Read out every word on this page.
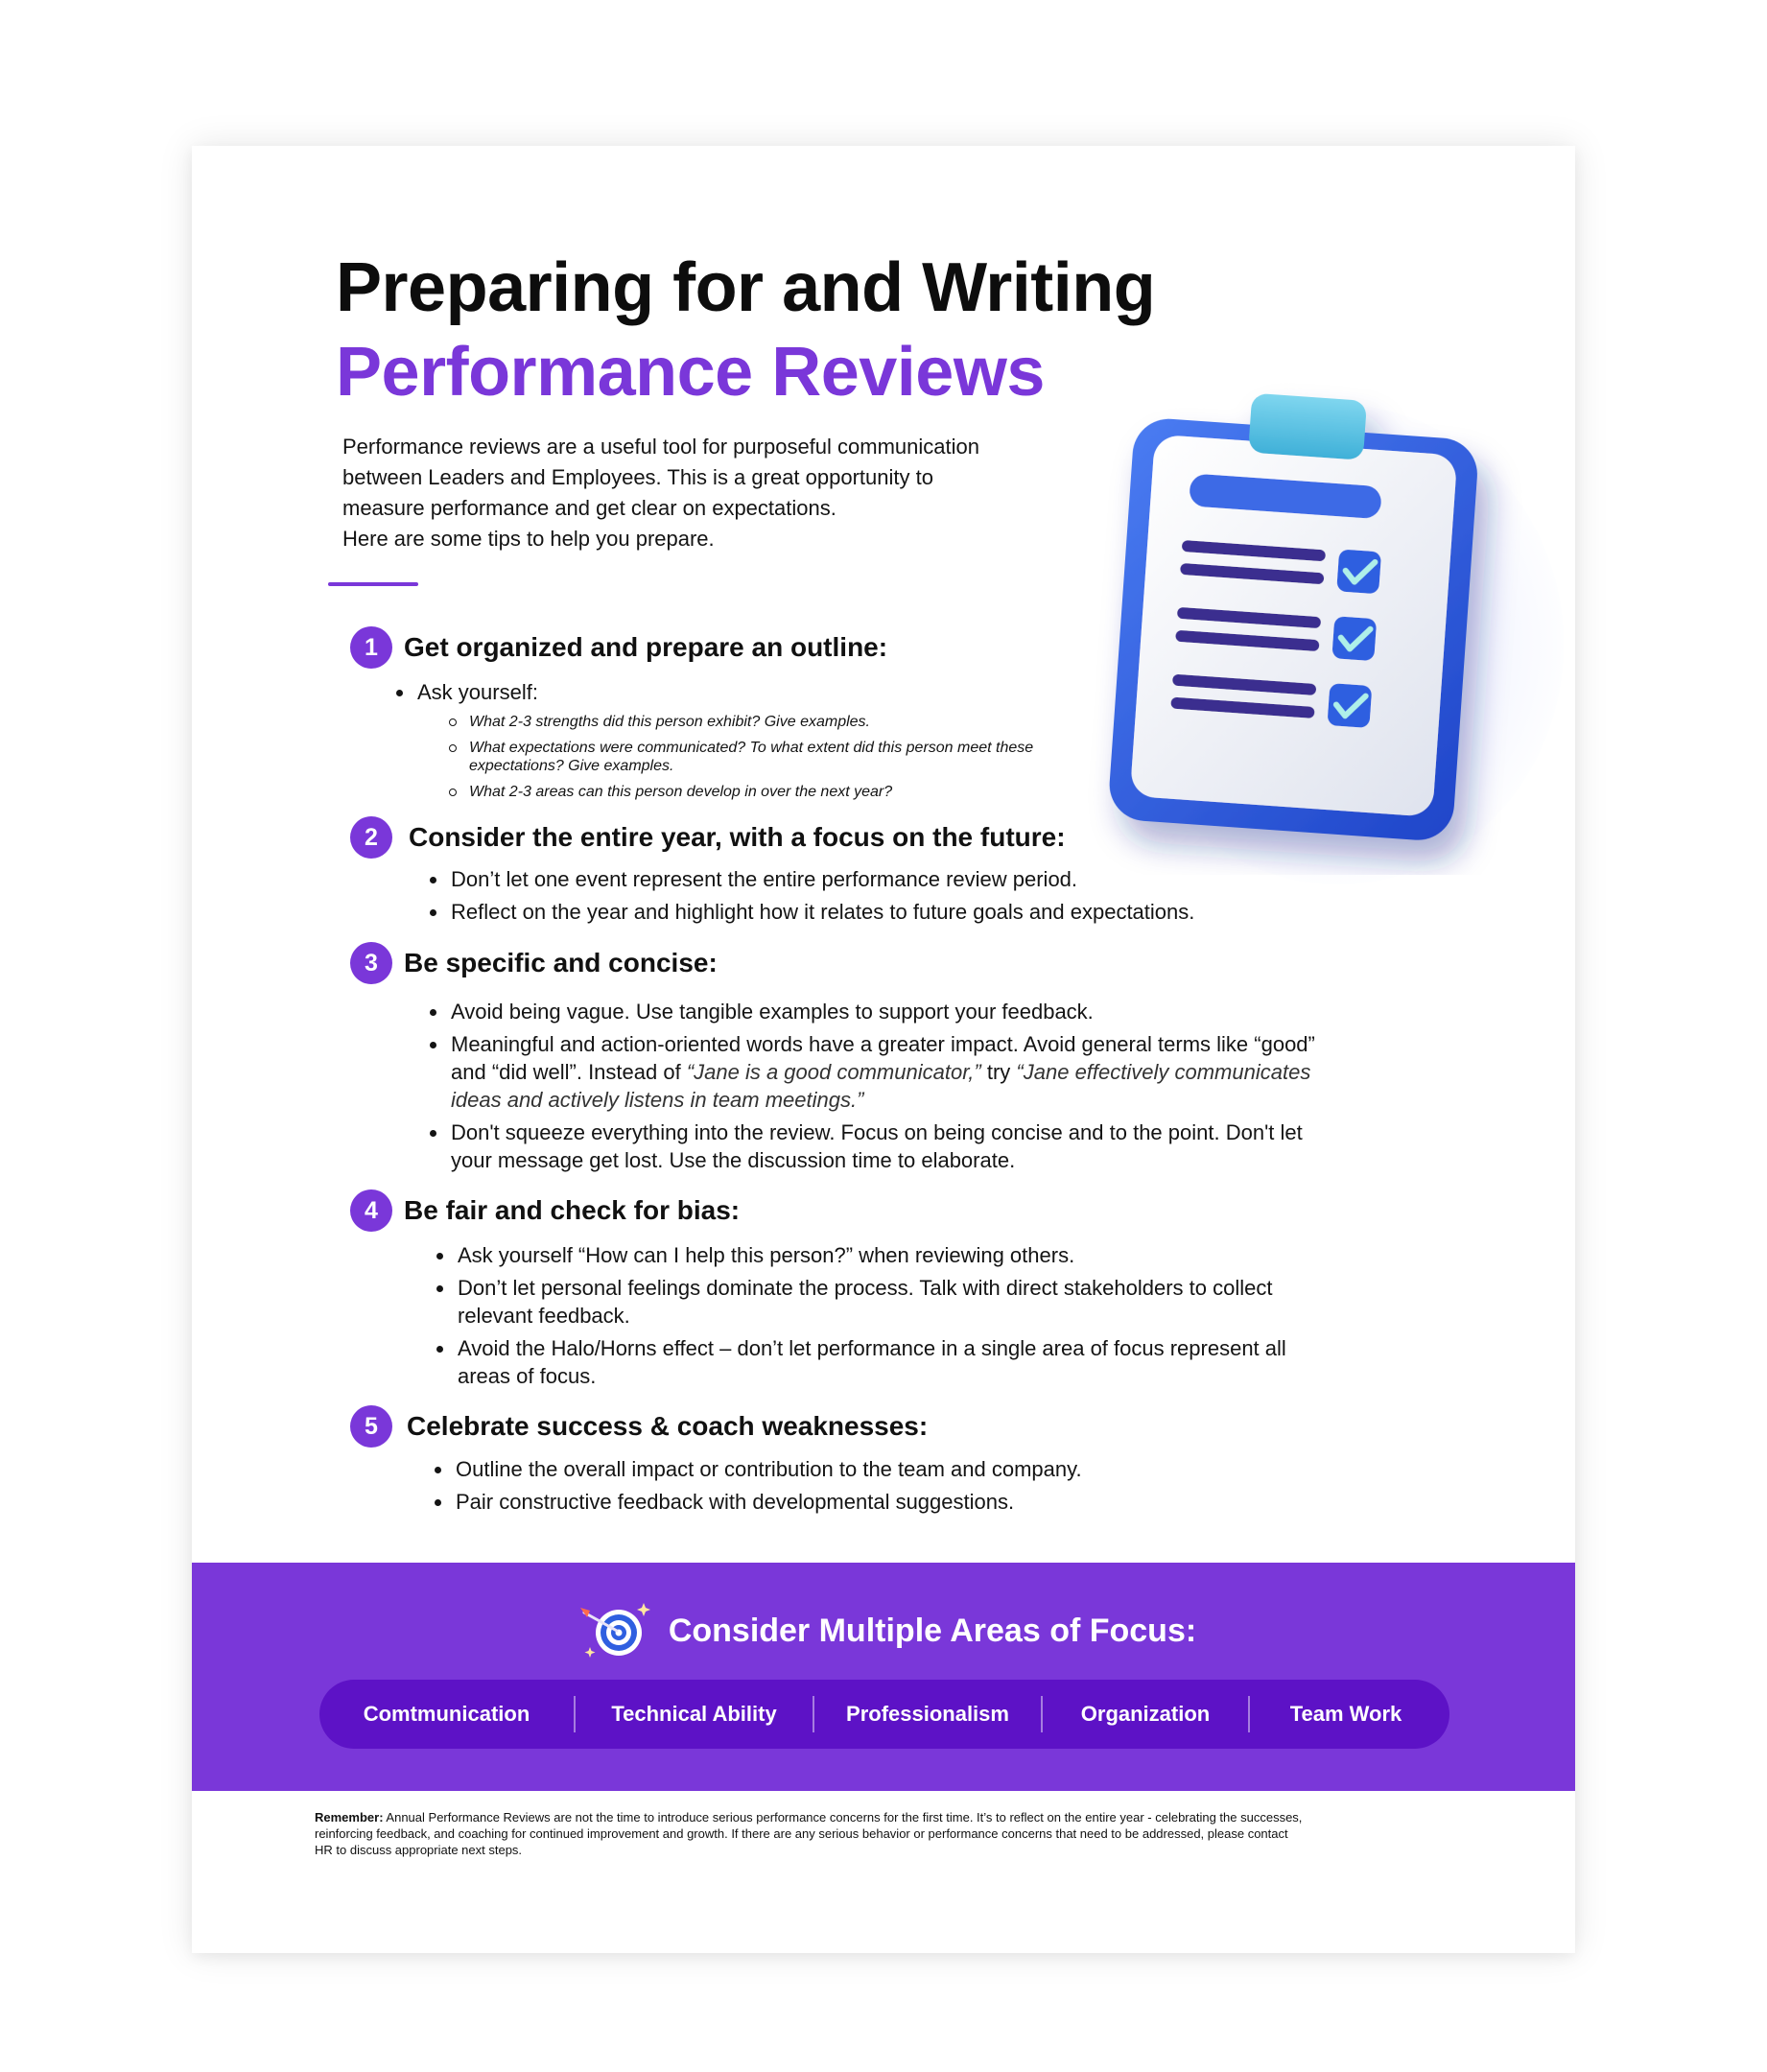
Preparing for and Writing
Performance Reviews

Performance reviews are a useful tool for purposeful communication

between Leaders and Employees. This is a great opportunity to

measure performance and get clear on expectations.

Here are some tips to help you prepare.

1 Get organized and prepare an outline:
Ask yourself:
What 2-3 strengths did this person exhibit? Give examples.
What expectations were communicated? To what extent did this person meet these expectations? Give examples.
What 2-3 areas can this person develop in over the next year?
2	Consider the entire year, with a focus on the future:
Don’t let one event represent the entire performance review period.
Reflect on the year and highlight how it relates to future goals and expectations.
3 Be specific and concise:
Avoid being vague. Use tangible examples to support your feedback.
Meaningful and action-oriented words have a greater impact. Avoid general terms like “good” and “did well”. Instead of “Jane is a good communicator,” try “Jane effectively communicates ideas and actively listens in team meetings.”
Don't squeeze everything into the review. Focus on being concise and to the point. Don't let your message get lost. Use the discussion time to elaborate.
4 Be fair and check for bias:
Ask yourself “How can I help this person?” when reviewing others.
Don’t let personal feelings dominate the process. Talk with direct stakeholders to collect relevant feedback.
Avoid the Halo/Horns effect – don’t let performance in a single area of focus represent all areas of focus.
5	Celebrate success & coach weaknesses:
Outline the overall impact or contribution to the team and company.
Pair constructive feedback with developmental suggestions.
Consider Multiple Areas of Focus:
Comtmunication	Technical Ability	Professionalism	Organization	Team Work
Remember: Annual Performance Reviews are not the time to introduce serious performance concerns for the first time. It’s to reflect on the entire year - celebrating the successes,
reinforcing feedback, and coaching for continued improvement and growth. If there are any serious behavior or performance concerns that need to be addressed, please contact
HR to discuss appropriate next steps.
